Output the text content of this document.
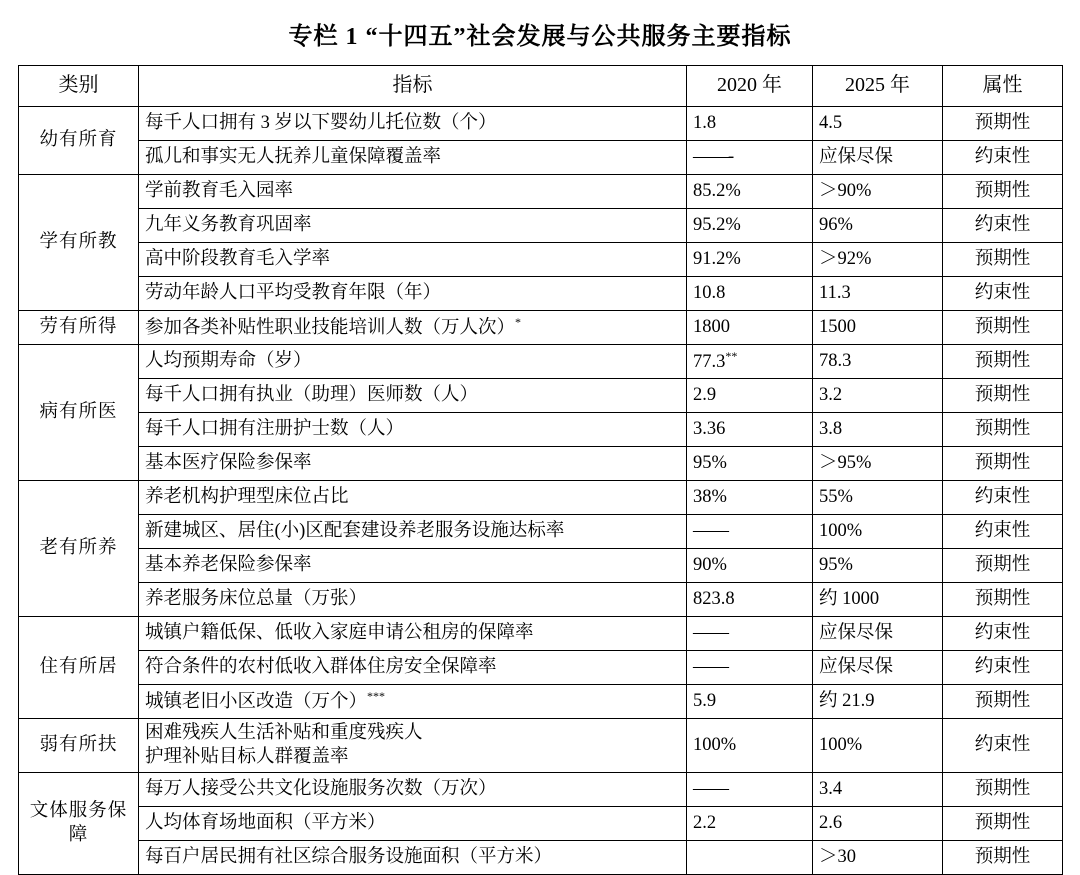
专栏 1 “十四五”社会发展与公共服务主要指标
类别	指标	2020 年	2025 年	属性
幼有所育	每千人口拥有 3 岁以下婴幼儿托位数（个）	1.8	4.5	预期性
	孤儿和事实无人抚养儿童保障覆盖率	——-	应保尽保	约束性
学有所教	学前教育毛入园率	85.2%	＞90%	预期性
	九年义务教育巩固率	95.2%	96%	约束性
	高中阶段教育毛入学率	91.2%	＞92%	预期性
	劳动年龄人口平均受教育年限（年）	10.8	11.3	约束性
劳有所得	参加各类补贴性职业技能培训人数（万人次）*	1800	1500	预期性
病有所医	人均预期寿命（岁）	77.3**	78.3	预期性
	每千人口拥有执业（助理）医师数（人）	2.9	3.2	预期性
	每千人口拥有注册护士数（人）	3.36	3.8	预期性
	基本医疗保险参保率	95%	＞95%	预期性
老有所养	养老机构护理型床位占比	38%	55%	约束性
	新建城区、居住(小)区配套建设养老服务设施达标率	——	100%	约束性
	基本养老保险参保率	90%	95%	预期性
	养老服务床位总量（万张）	823.8	约 1000	预期性
住有所居	城镇户籍低保、低收入家庭申请公租房的保障率	——	应保尽保	约束性
	符合条件的农村低收入群体住房安全保障率	——	应保尽保	约束性
	城镇老旧小区改造（万个）***	5.9	约 21.9	预期性
弱有所扶	困难残疾人生活补贴和重度残疾人
护理补贴目标人群覆盖率	100%	100%	约束性
文体服务保障	每万人接受公共文化设施服务次数（万次）	——	3.4	预期性
	人均体育场地面积（平方米）	2.2	2.6	预期性
	每百户居民拥有社区综合服务设施面积（平方米）		＞30	预期性
